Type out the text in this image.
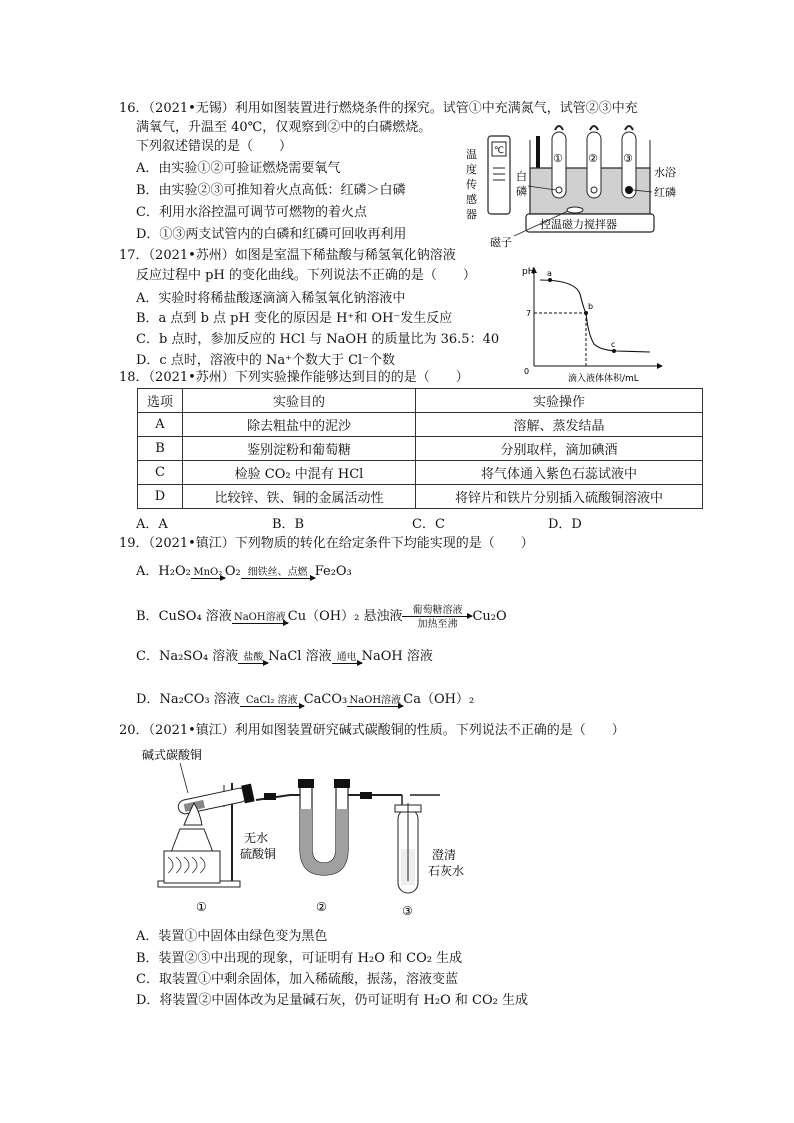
16．（2021•无锡）利用如图装置进行燃烧条件的探究。试管①中充满氮气，试管②③中充
满氧气，升温至 40℃，仅观察到②中的白磷燃烧。
下列叙述错误的是（　　）
A．由实验①②可验证燃烧需要氧气
B．由实验②③可推知着火点高低：红磷＞白磷
C．利用水浴控温可调节可燃物的着火点
D．①③两支试管内的白磷和红磷可回收再利用
℃
温
度
传
感
器
① ② ③
白
磷
水浴
红磷
控温磁力搅拌器
磁子
17．（2021•苏州）如图是室温下稀盐酸与稀氢氧化钠溶液
反应过程中 pH 的变化曲线。下列说法不正确的是（　　）
A．实验时将稀盐酸逐滴滴入稀氢氧化钠溶液中
B．a 点到 b 点 pH 变化的原因是 H⁺和 OH⁻发生反应
C．b 点时，参加反应的 HCl 与 NaOH 的质量比为 36.5：40
D．c 点时，溶液中的 Na⁺个数大于 Cl⁻个数
pH
0
7
a
b
c
滴入液体体积/mL
18．（2021•苏州）下列实验操作能够达到目的的是（　　）
选项	实验目的	实验操作
A	除去粗盐中的泥沙	溶解、蒸发结晶
B	鉴别淀粉和葡萄糖	分别取样，滴加碘酒
C	检验 CO₂ 中混有 HCl	将气体通入紫色石蕊试液中
D	比较锌、铁、铜的金属活动性	将锌片和铁片分别插入硫酸铜溶液中
A．A	B．B	C．C	D．D
19．（2021•镇江）下列物质的转化在给定条件下均能实现的是（　　）
A．H₂O₂ MnO₂ O₂ 细铁丝、点燃 Fe₂O₃
B．CuSO₄ 溶液 NaOH溶液 Cu（OH）₂ 悬浊液	葡萄糖溶液
加热至沸
Cu₂O
C．Na₂SO₄ 溶液 盐酸 NaCl 溶液 通电 NaOH 溶液
D．Na₂CO₃ 溶液 CaCl₂ 溶液 CaCO₃ NaOH溶液 Ca（OH）₂
20．（2021•镇江）利用如图装置研究碱式碳酸铜的性质。下列说法不正确的是（　　）
碱式碳酸铜
无水
硫酸铜	澄清
石灰水
①	②	③
A．装置①中固体由绿色变为黑色
B．装置②③中出现的现象，可证明有 H₂O 和 CO₂ 生成
C．取装置①中剩余固体，加入稀硫酸，振荡，溶液变蓝
D．将装置②中固体改为足量碱石灰，仍可证明有 H₂O 和 CO₂ 生成
